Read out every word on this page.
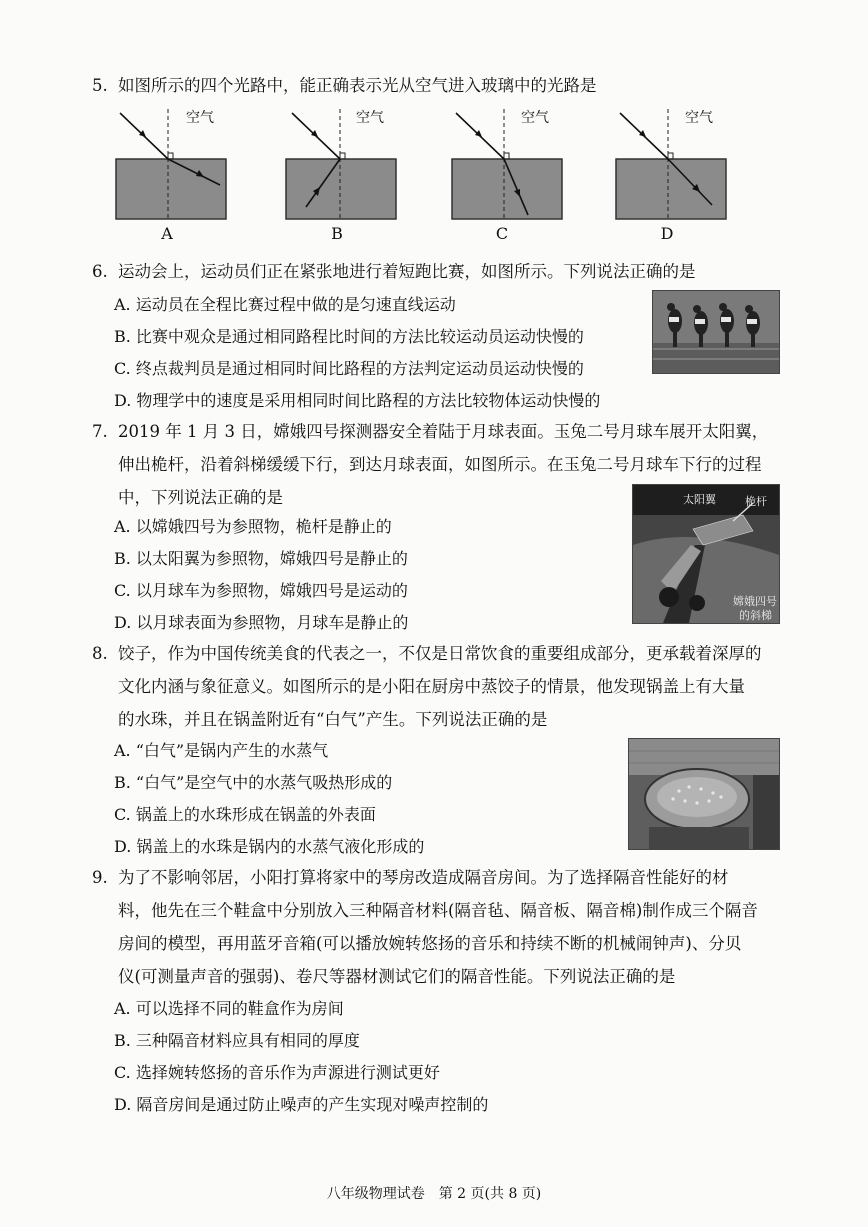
5. 如图所示的四个光路中，能正确表示光从空气进入玻璃中的光路是
A
空气
B
空气
C
空气
D
空气
6. 运动会上，运动员们正在紧张地进行着短跑比赛，如图所示。下列说法正确的是
A. 运动员在全程比赛过程中做的是匀速直线运动
B. 比赛中观众是通过相同路程比时间的方法比较运动员运动快慢的
C. 终点裁判员是通过相同时间比路程的方法判定运动员运动快慢的
D. 物理学中的速度是采用相同时间比路程的方法比较物体运动快慢的
7. 2019 年 1 月 3 日，嫦娥四号探测器安全着陆于月球表面。玉兔二号月球车展开太阳翼，
伸出桅杆，沿着斜梯缓缓下行，到达月球表面，如图所示。在玉兔二号月球车下行的过程
中，下列说法正确的是
A. 以嫦娥四号为参照物，桅杆是静止的
B. 以太阳翼为参照物，嫦娥四号是静止的
C. 以月球车为参照物，嫦娥四号是运动的
D. 以月球表面为参照物，月球车是静止的
太阳翼	桅杆
嫦娥四号
的斜梯
8. 饺子，作为中国传统美食的代表之一，不仅是日常饮食的重要组成部分，更承载着深厚的
文化内涵与象征意义。如图所示的是小阳在厨房中蒸饺子的情景，他发现锅盖上有大量
的水珠，并且在锅盖附近有“白气”产生。下列说法正确的是
A. “白气”是锅内产生的水蒸气
B. “白气”是空气中的水蒸气吸热形成的
C. 锅盖上的水珠形成在锅盖的外表面
D. 锅盖上的水珠是锅内的水蒸气液化形成的
9. 为了不影响邻居，小阳打算将家中的琴房改造成隔音房间。为了选择隔音性能好的材
料，他先在三个鞋盒中分别放入三种隔音材料(隔音毡、隔音板、隔音棉)制作成三个隔音
房间的模型，再用蓝牙音箱(可以播放婉转悠扬的音乐和持续不断的机械闹钟声)、分贝
仪(可测量声音的强弱)、卷尺等器材测试它们的隔音性能。下列说法正确的是
A. 可以选择不同的鞋盒作为房间
B. 三种隔音材料应具有相同的厚度
C. 选择婉转悠扬的音乐作为声源进行测试更好
D. 隔音房间是通过防止噪声的产生实现对噪声控制的
八年级物理试卷　第 2 页(共 8 页)
